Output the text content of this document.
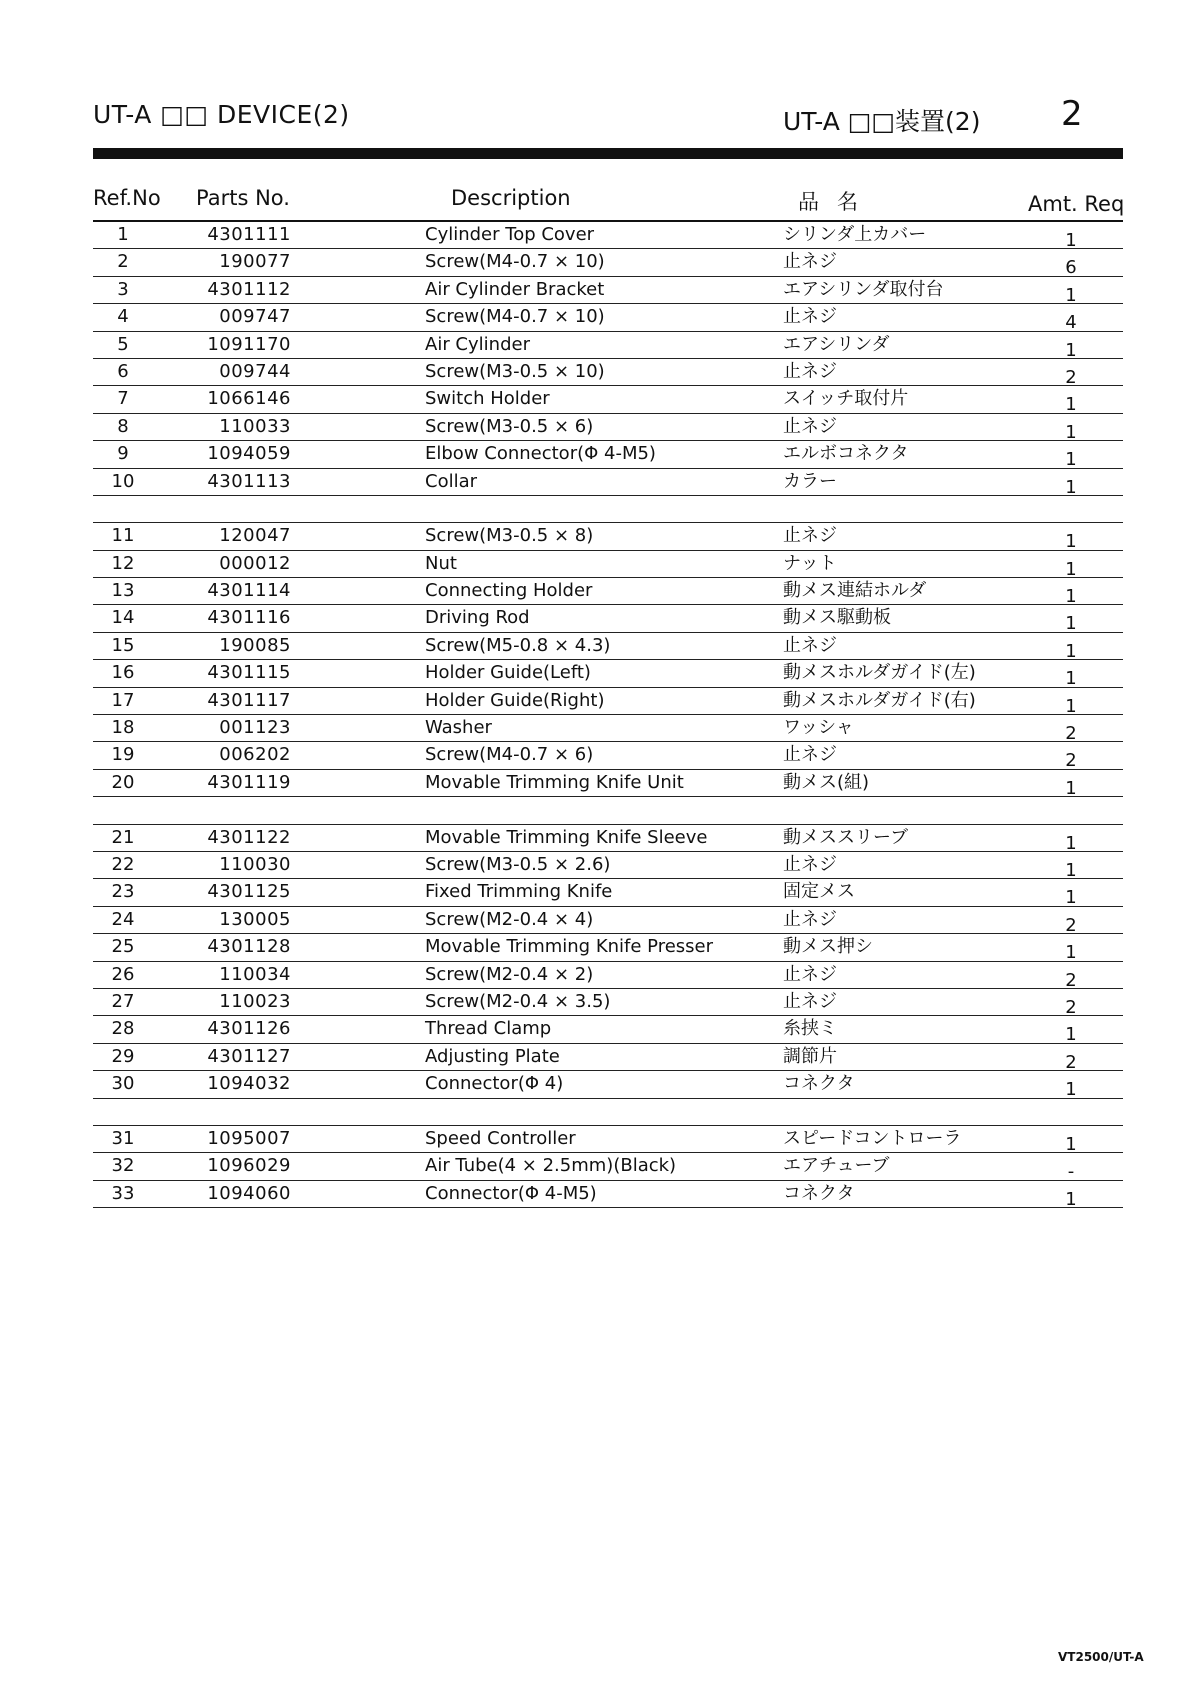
UT-A □□ DEVICE(2)	UT-A □□装置(2) 2
Ref.No Parts No.	Description	品名	Amt. Req
1	4301111	Cylinder Top Cover	シリンダ上カバー	1
2	190077	Screw(M4-0.7 × 10)	止ネジ	6
3	4301112	Air Cylinder Bracket	エアシリンダ取付台	1
4	009747	Screw(M4-0.7 × 10)	止ネジ	4
5	1091170	Air Cylinder	エアシリンダ	1
6	009744	Screw(M3-0.5 × 10)	止ネジ	2
7	1066146	Switch Holder	スイッチ取付片	1
8	110033	Screw(M3-0.5 × 6)	止ネジ	1
9	1094059	Elbow Connector(Φ 4-M5)	エルボコネクタ	1
10	4301113	Collar	カラー	1
11	120047	Screw(M3-0.5 × 8)	止ネジ	1
12	000012	Nut	ナット	1
13	4301114	Connecting Holder	動メス連結ホルダ	1
14	4301116	Driving Rod	動メス駆動板	1
15	190085	Screw(M5-0.8 × 4.3)	止ネジ	1
16	4301115	Holder Guide(Left)	動メスホルダガイド(左)	1
17	4301117	Holder Guide(Right)	動メスホルダガイド(右)	1
18	001123	Washer	ワッシャ	2
19	006202	Screw(M4-0.7 × 6)	止ネジ	2
20	4301119	Movable Trimming Knife Unit	動メス(組)	1
21	4301122	Movable Trimming Knife Sleeve	動メススリーブ	1
22	110030	Screw(M3-0.5 × 2.6)	止ネジ	1
23	4301125	Fixed Trimming Knife	固定メス	1
24	130005	Screw(M2-0.4 × 4)	止ネジ	2
25	4301128	Movable Trimming Knife Presser	動メス押シ	1
26	110034	Screw(M2-0.4 × 2)	止ネジ	2
27	110023	Screw(M2-0.4 × 3.5)	止ネジ	2
28	4301126	Thread Clamp	糸挟ミ	1
29	4301127	Adjusting Plate	調節片	2
30	1094032	Connector(Φ 4)	コネクタ	1
31	1095007	Speed Controller	スピードコントローラ	1
32	1096029	Air Tube(4 × 2.5mm)(Black)	エアチューブ	-
33	1094060	Connector(Φ 4-M5)	コネクタ	1
VT2500/UT-A
